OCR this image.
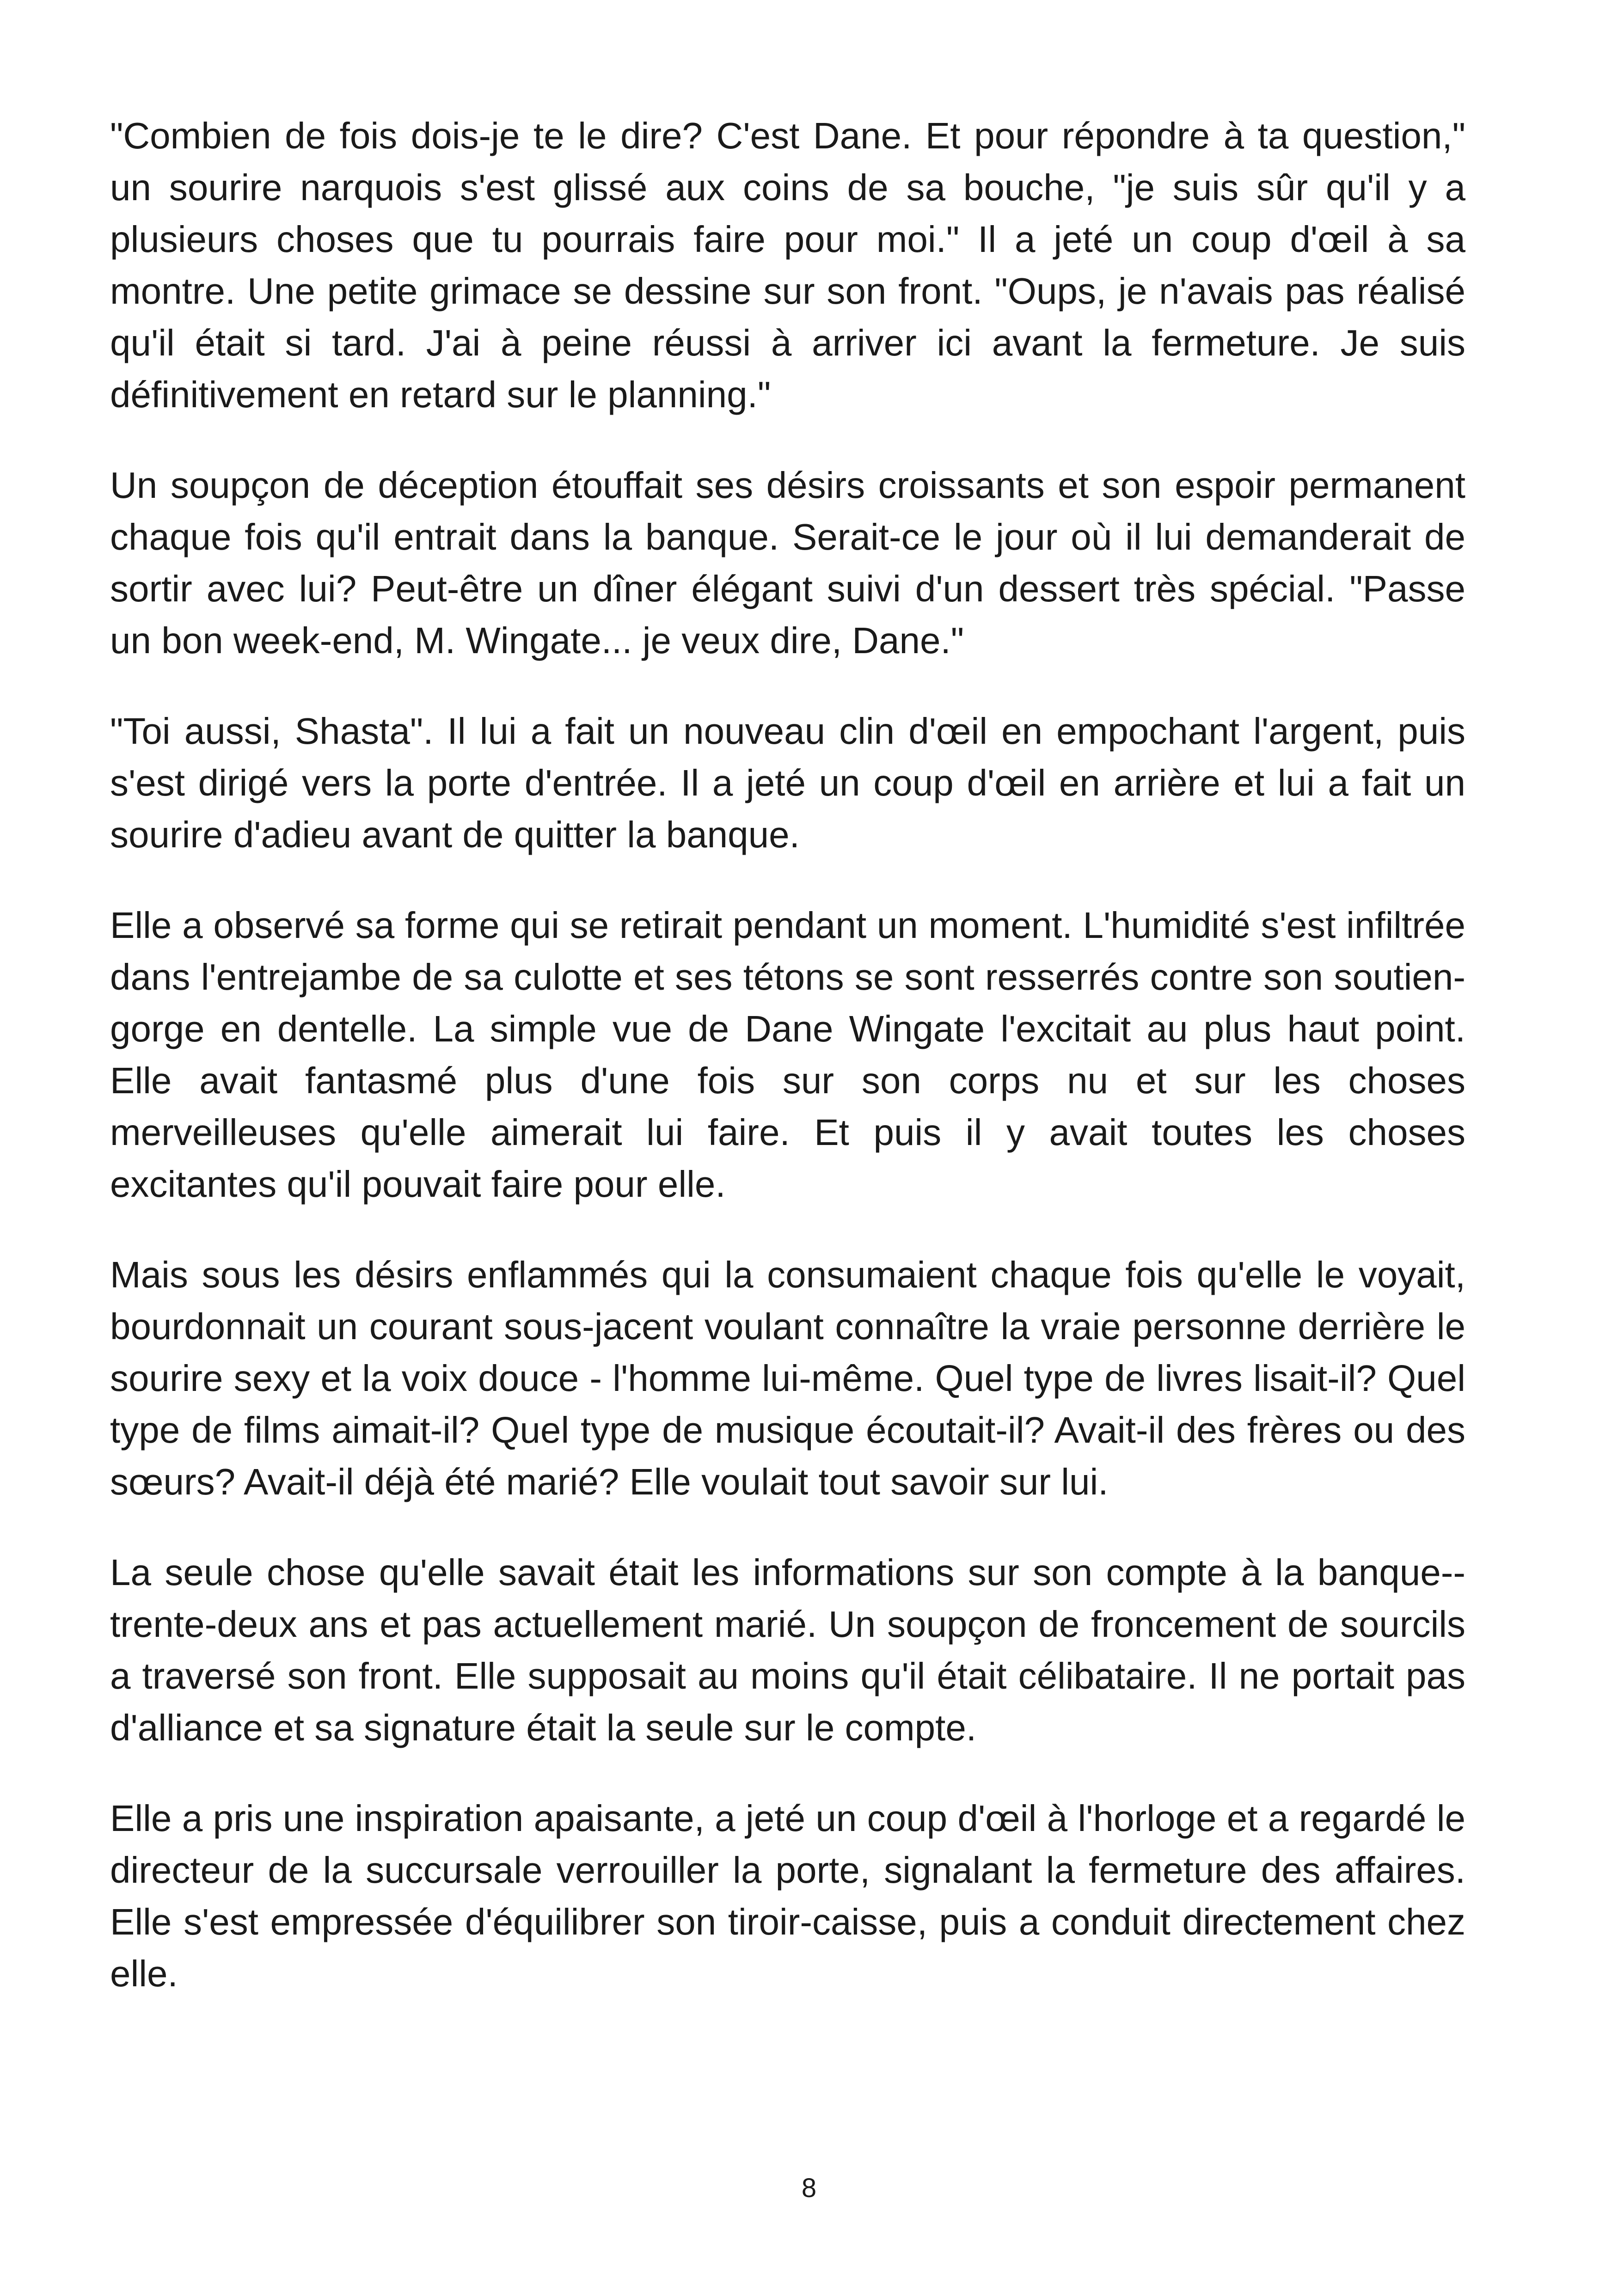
"Combien de fois dois-je te le dire? C'est Dane. Et pour répondre à ta question," un sourire narquois s'est glissé aux coins de sa bouche, "je suis sûr qu'il y a plusieurs choses que tu pourrais faire pour moi." Il a jeté un coup d'œil à sa montre. Une petite grimace se dessine sur son front. "Oups, je n'avais pas réalisé qu'il était si tard. J'ai à peine réussi à arriver ici avant la fermeture. Je suis définitivement en retard sur le planning."

Un soupçon de déception étouffait ses désirs croissants et son espoir permanent chaque fois qu'il entrait dans la banque. Serait-ce le jour où il lui demanderait de sortir avec lui? Peut-être un dîner élégant suivi d'un dessert très spécial. "Passe un bon week-end, M. Wingate... je veux dire, Dane."

"Toi aussi, Shasta". Il lui a fait un nouveau clin d'œil en empochant l'argent, puis s'est dirigé vers la porte d'entrée. Il a jeté un coup d'œil en arrière et lui a fait un sourire d'adieu avant de quitter la banque.

Elle a observé sa forme qui se retirait pendant un moment. L'humidité s'est infiltrée dans l'entrejambe de sa culotte et ses tétons se sont resserrés contre son soutien-gorge en dentelle. La simple vue de Dane Wingate l'excitait au plus haut point. Elle avait fantasmé plus d'une fois sur son corps nu et sur les choses merveilleuses qu'elle aimerait lui faire. Et puis il y avait toutes les choses excitantes qu'il pouvait faire pour elle.

Mais sous les désirs enflammés qui la consumaient chaque fois qu'elle le voyait, bourdonnait un courant sous-jacent voulant connaître la vraie personne derrière le sourire sexy et la voix douce - l'homme lui-même. Quel type de livres lisait-il? Quel type de films aimait-il? Quel type de musique écoutait-il? Avait-il des frères ou des sœurs? Avait-il déjà été marié? Elle voulait tout savoir sur lui.

La seule chose qu'elle savait était les informations sur son compte à la banque--trente-deux ans et pas actuellement marié. Un soupçon de froncement de sourcils a traversé son front. Elle supposait au moins qu'il était célibataire. Il ne portait pas d'alliance et sa signature était la seule sur le compte.

Elle a pris une inspiration apaisante, a jeté un coup d'œil à l'horloge et a regardé le directeur de la succursale verrouiller la porte, signalant la fermeture des affaires. Elle s'est empressée d'équilibrer son tiroir-caisse, puis a conduit directement chez elle.

8
